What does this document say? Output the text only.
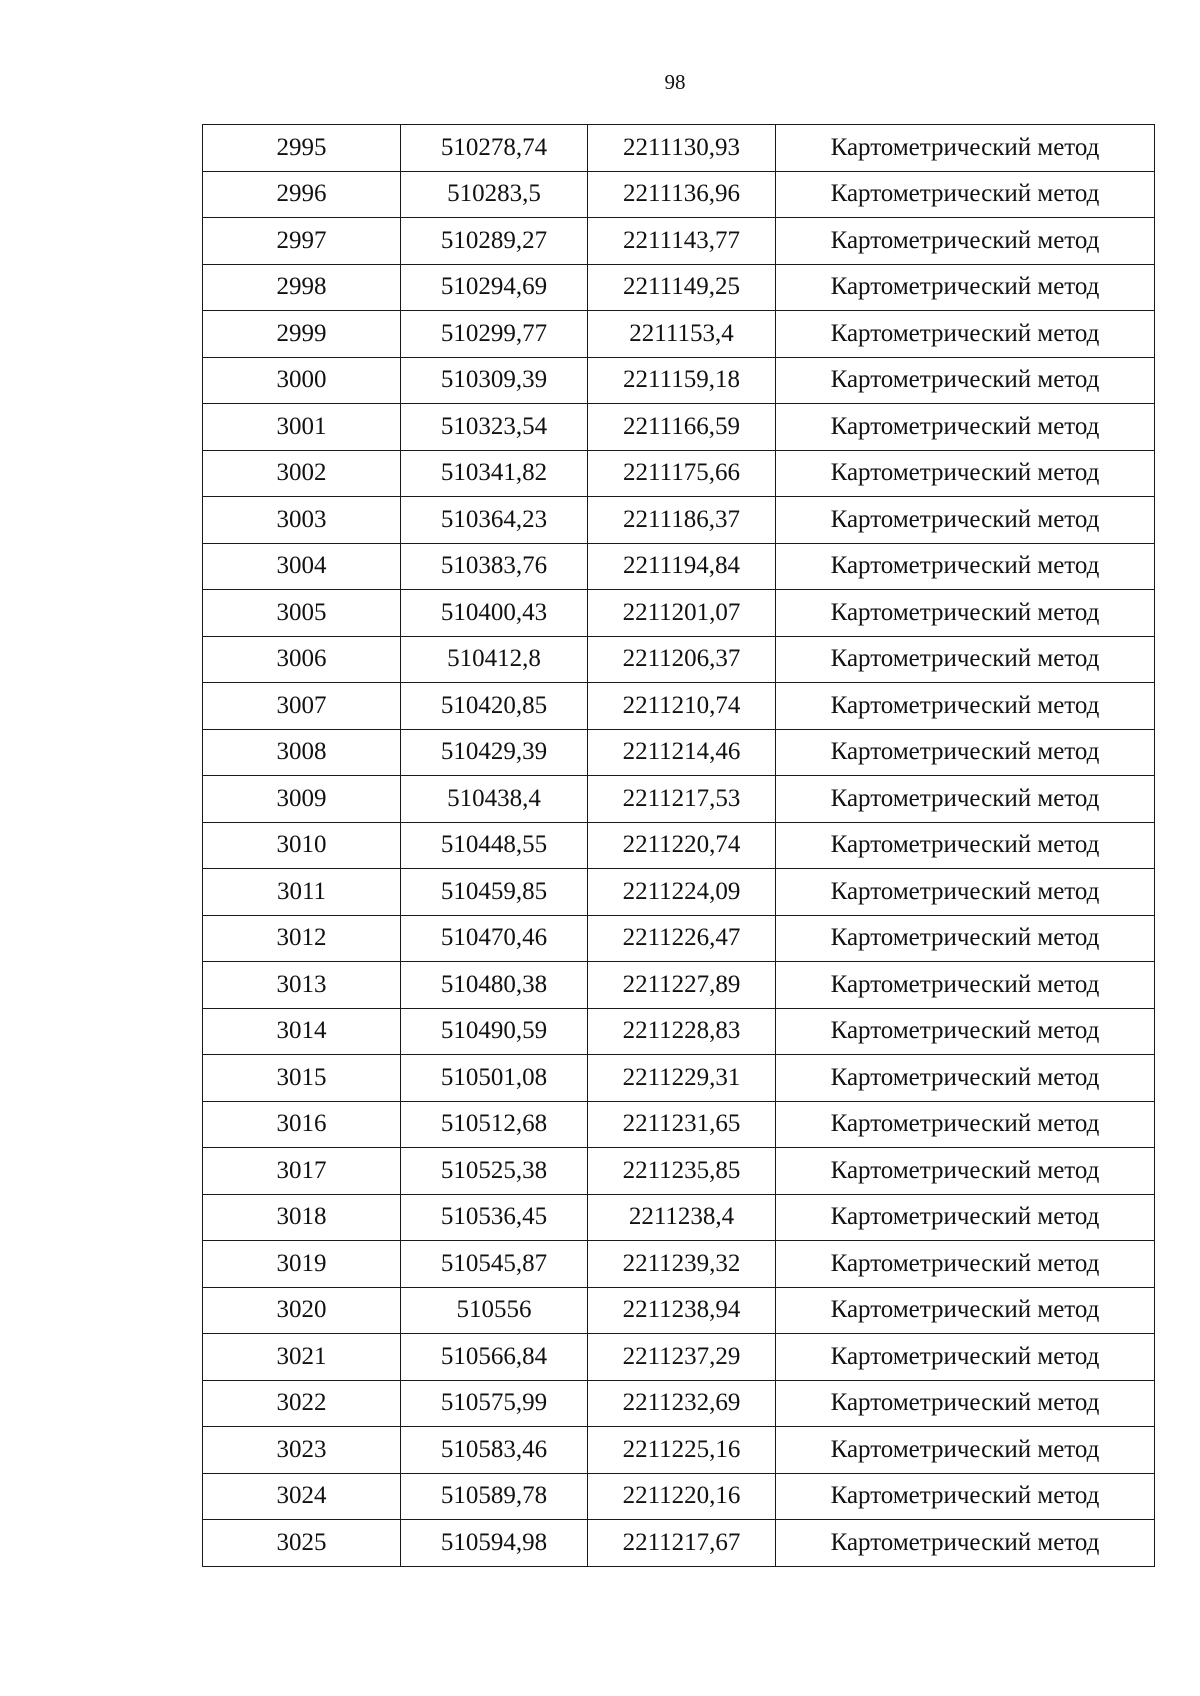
98
2995	510278,74	2211130,93	Картометрический метод
2996	510283,5	2211136,96	Картометрический метод
2997	510289,27	2211143,77	Картометрический метод
2998	510294,69	2211149,25	Картометрический метод
2999	510299,77	2211153,4	Картометрический метод
3000	510309,39	2211159,18	Картометрический метод
3001	510323,54	2211166,59	Картометрический метод
3002	510341,82	2211175,66	Картометрический метод
3003	510364,23	2211186,37	Картометрический метод
3004	510383,76	2211194,84	Картометрический метод
3005	510400,43	2211201,07	Картометрический метод
3006	510412,8	2211206,37	Картометрический метод
3007	510420,85	2211210,74	Картометрический метод
3008	510429,39	2211214,46	Картометрический метод
3009	510438,4	2211217,53	Картометрический метод
3010	510448,55	2211220,74	Картометрический метод
3011	510459,85	2211224,09	Картометрический метод
3012	510470,46	2211226,47	Картометрический метод
3013	510480,38	2211227,89	Картометрический метод
3014	510490,59	2211228,83	Картометрический метод
3015	510501,08	2211229,31	Картометрический метод
3016	510512,68	2211231,65	Картометрический метод
3017	510525,38	2211235,85	Картометрический метод
3018	510536,45	2211238,4	Картометрический метод
3019	510545,87	2211239,32	Картометрический метод
3020	510556	2211238,94	Картометрический метод
3021	510566,84	2211237,29	Картометрический метод
3022	510575,99	2211232,69	Картометрический метод
3023	510583,46	2211225,16	Картометрический метод
3024	510589,78	2211220,16	Картометрический метод
3025	510594,98	2211217,67	Картометрический метод
